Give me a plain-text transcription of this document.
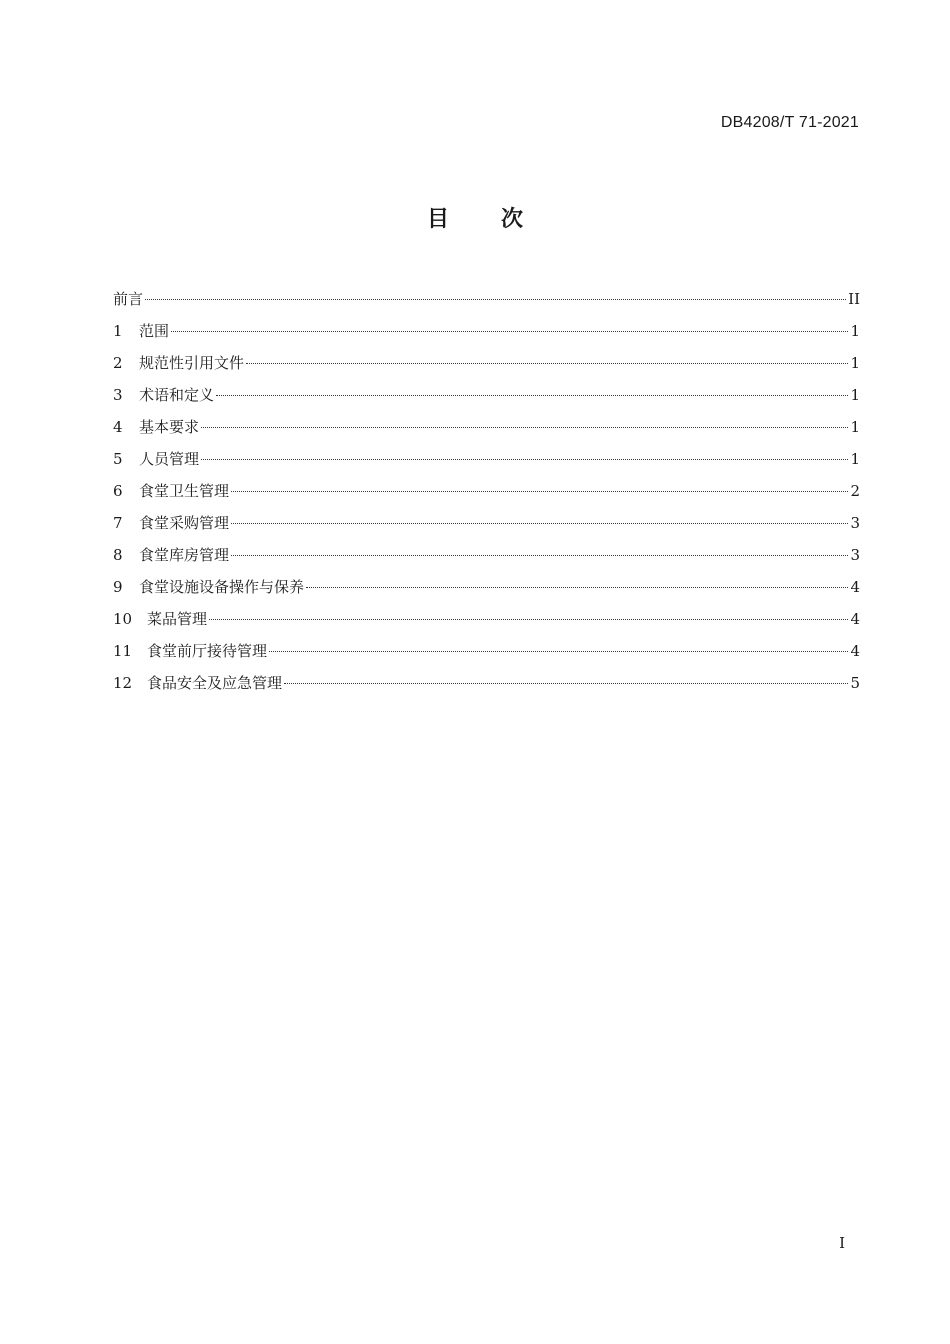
DB4208/T 71-2021
目 次
前言	II
1	范围	1
2	规范性引用文件	1
3	术语和定义	1
4	基本要求	1
5	人员管理	1
6	食堂卫生管理	2
7	食堂采购管理	3
8	食堂库房管理	3
9	食堂设施设备操作与保养	4
10 菜品管理	4
11 食堂前厅接待管理	4
12 食品安全及应急管理	5
I
